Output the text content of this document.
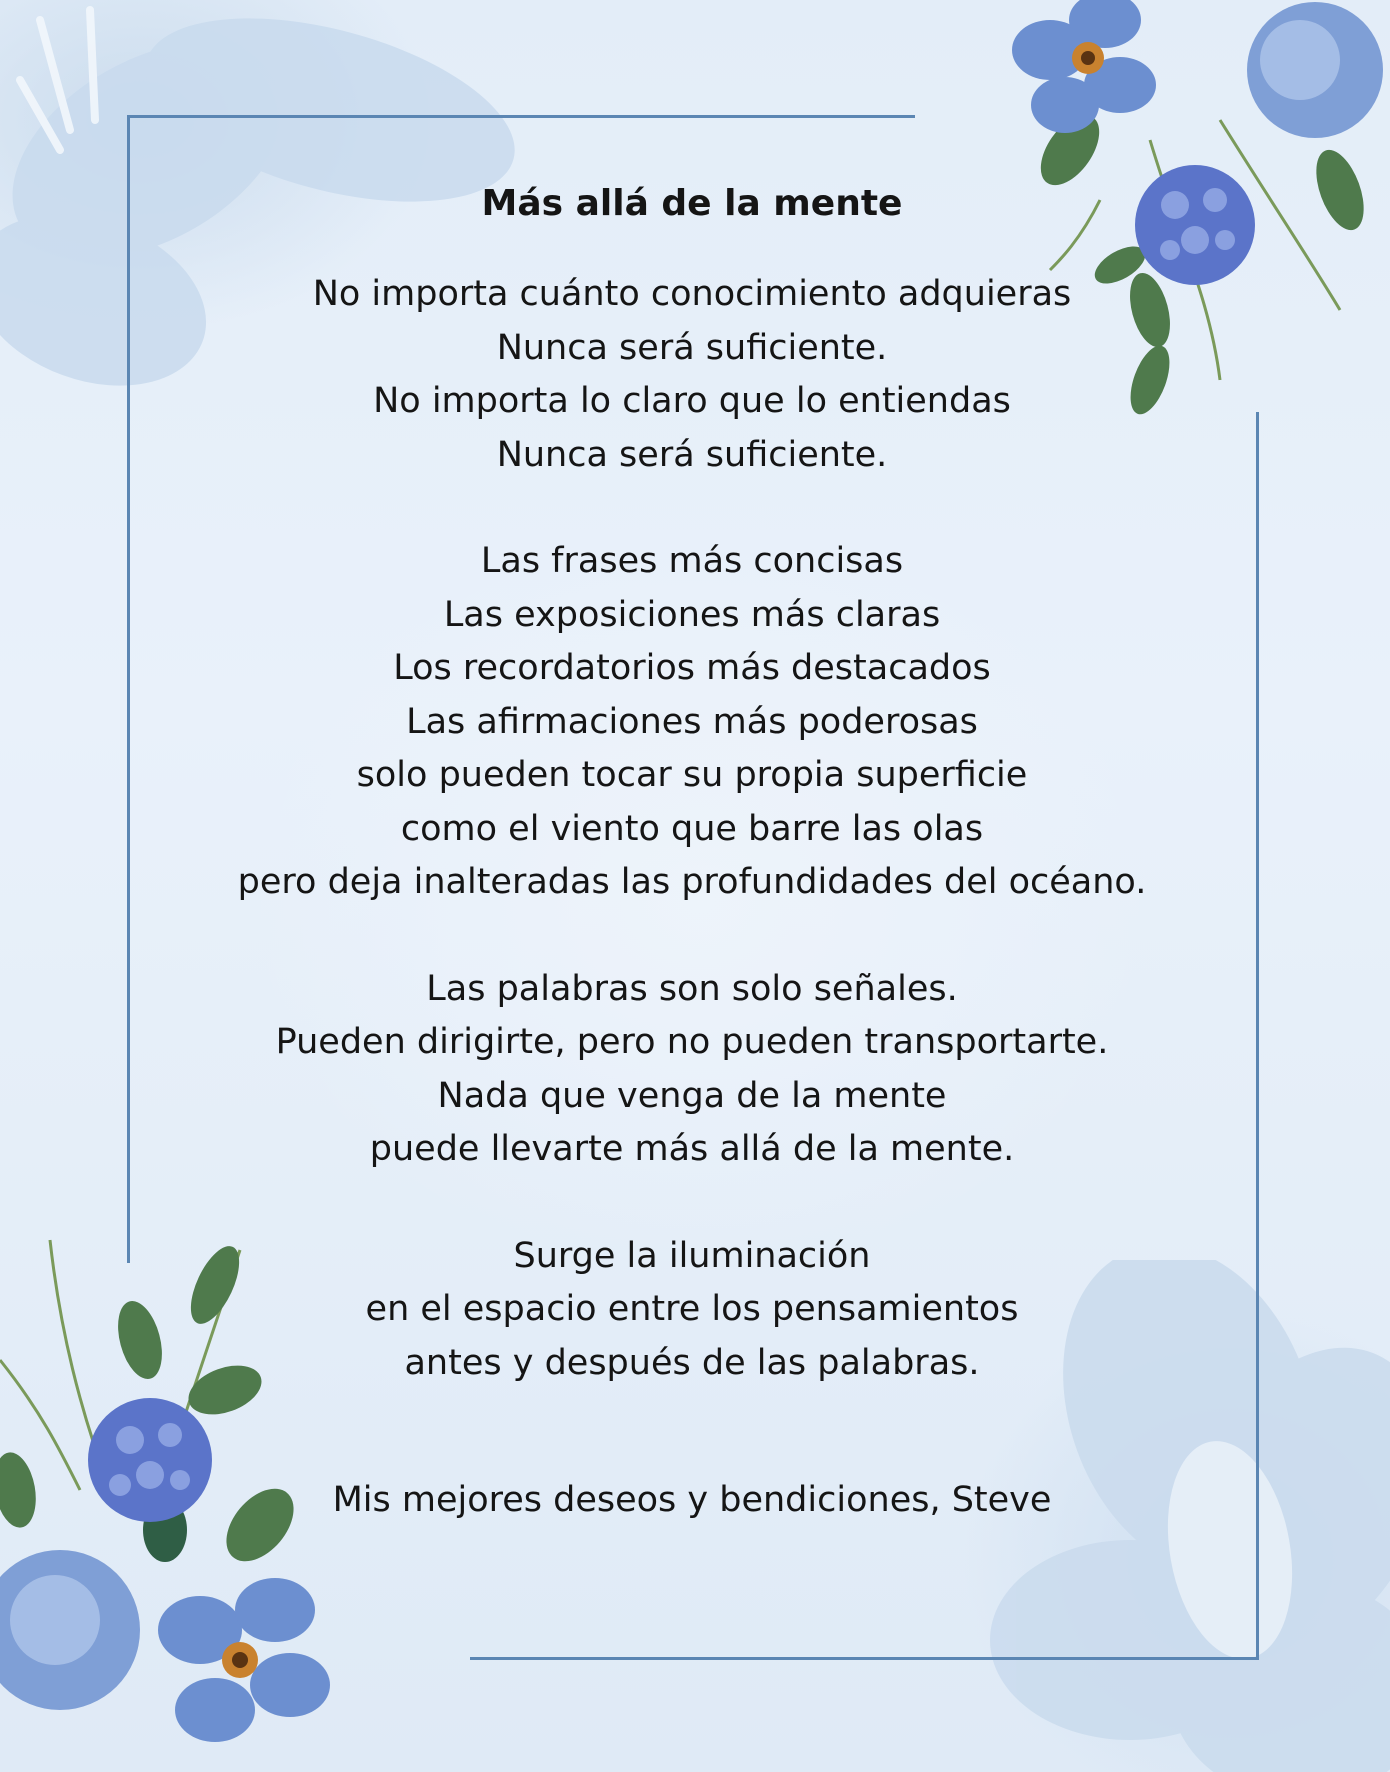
Más allá de la mente
No importa cuánto conocimiento adquieras
Nunca será suficiente.
No importa lo claro que lo entiendas
Nunca será suficiente.
Las frases más concisas
Las exposiciones más claras
Los recordatorios más destacados
Las afirmaciones más poderosas
solo pueden tocar su propia superficie
como el viento que barre las olas
pero deja inalteradas las profundidades del océano.
Las palabras son solo señales.
Pueden dirigirte, pero no pueden transportarte.
Nada que venga de la mente
puede llevarte más allá de la mente.
Surge la iluminación
en el espacio entre los pensamientos
antes y después de las palabras.
Mis mejores deseos y bendiciones, Steve
